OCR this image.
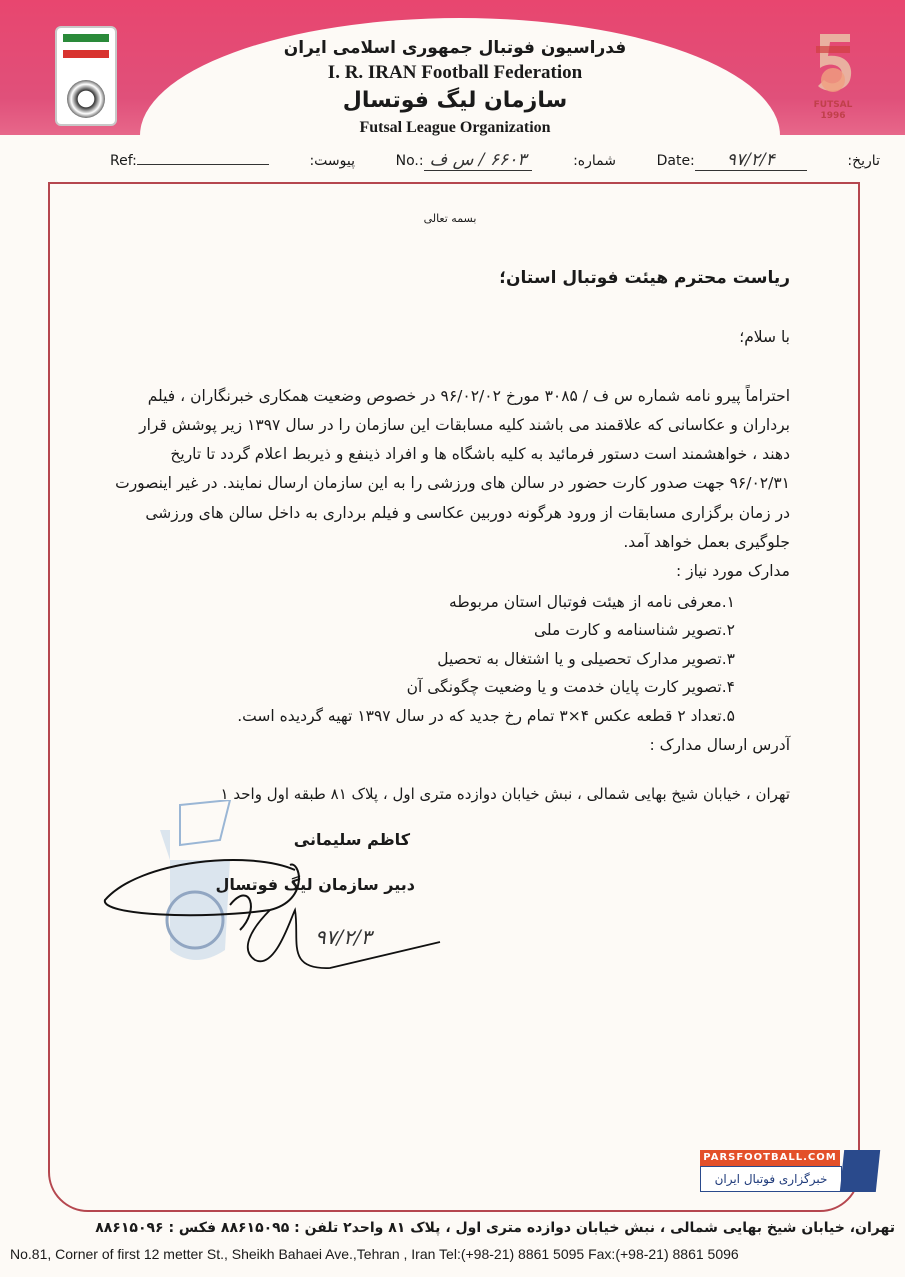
FUTSAL 1996
فدراسیون فوتبال جمهوری اسلامی ایران
I. R. IRAN Football Federation
سازمان لیگ فوتسال
Futsal League Organization
Ref:	پیوست:	No.: ۶۶۰۳ / س ف	شماره:	Date:	۹۷/۲/۴	تاریخ:
بسمه تعالی
ریاست محترم هیئت فوتبال استان؛
با سلام؛
احتراماً پیرو نامه شماره س ف / ۳۰۸۵ مورخ ۹۶/۰۲/۰۲ در خصوص وضعیت همکاری خبرنگاران ، فیلم
برداران و عکاسانی که علاقمند می باشند کلیه مسابقات این سازمان را در سال ۱۳۹۷ زیر پوشش قرار
دهند ، خواهشمند است دستور فرمائید به کلیه باشگاه ها و افراد ذینفع و ذیربط اعلام گردد تا تاریخ
۹۶/۰۲/۳۱ جهت صدور کارت حضور در سالن های ورزشی را به این سازمان ارسال نمایند. در غیر اینصورت
در زمان برگزاری مسابقات از ورود هرگونه دوربین عکاسی و فیلم برداری به داخل سالن های ورزشی
جلوگیری بعمل خواهد آمد.
مدارک مورد نیاز :
۱.معرفی نامه از هیئت فوتبال استان مربوطه
۲.تصویر شناسنامه و کارت ملی
۳.تصویر مدارک تحصیلی و یا اشتغال به تحصیل
۴.تصویر کارت پایان خدمت و یا وضعیت چگونگی آن
۵.تعداد ۲ قطعه عکس ۴×۳ تمام رخ جدید که در سال ۱۳۹۷ تهیه گردیده است.
آدرس ارسال مدارک :
تهران ، خیابان شیخ بهایی شمالی ، نبش خیابان دوازده متری اول ، پلاک ۸۱ طبقه اول واحد ۱
کاظم سلیمانی
دبیر سازمان لیگ فوتسال
۹۷/۲/۳
PARSFOOTBALL.COM
خبرگزاری فوتبال ایران
تهران، خیابان شیخ بهایی شمالی ، نبش خیابان دوازده متری اول ، پلاک ۸۱ واحد۲ تلفن : ۸۸۶۱۵۰۹۵ فکس : ۸۸۶۱۵۰۹۶
No.81, Corner of first 12 metter St., Sheikh Bahaei Ave.,Tehran , Iran Tel:(+98-21) 8861 5095 Fax:(+98-21) 8861 5096
